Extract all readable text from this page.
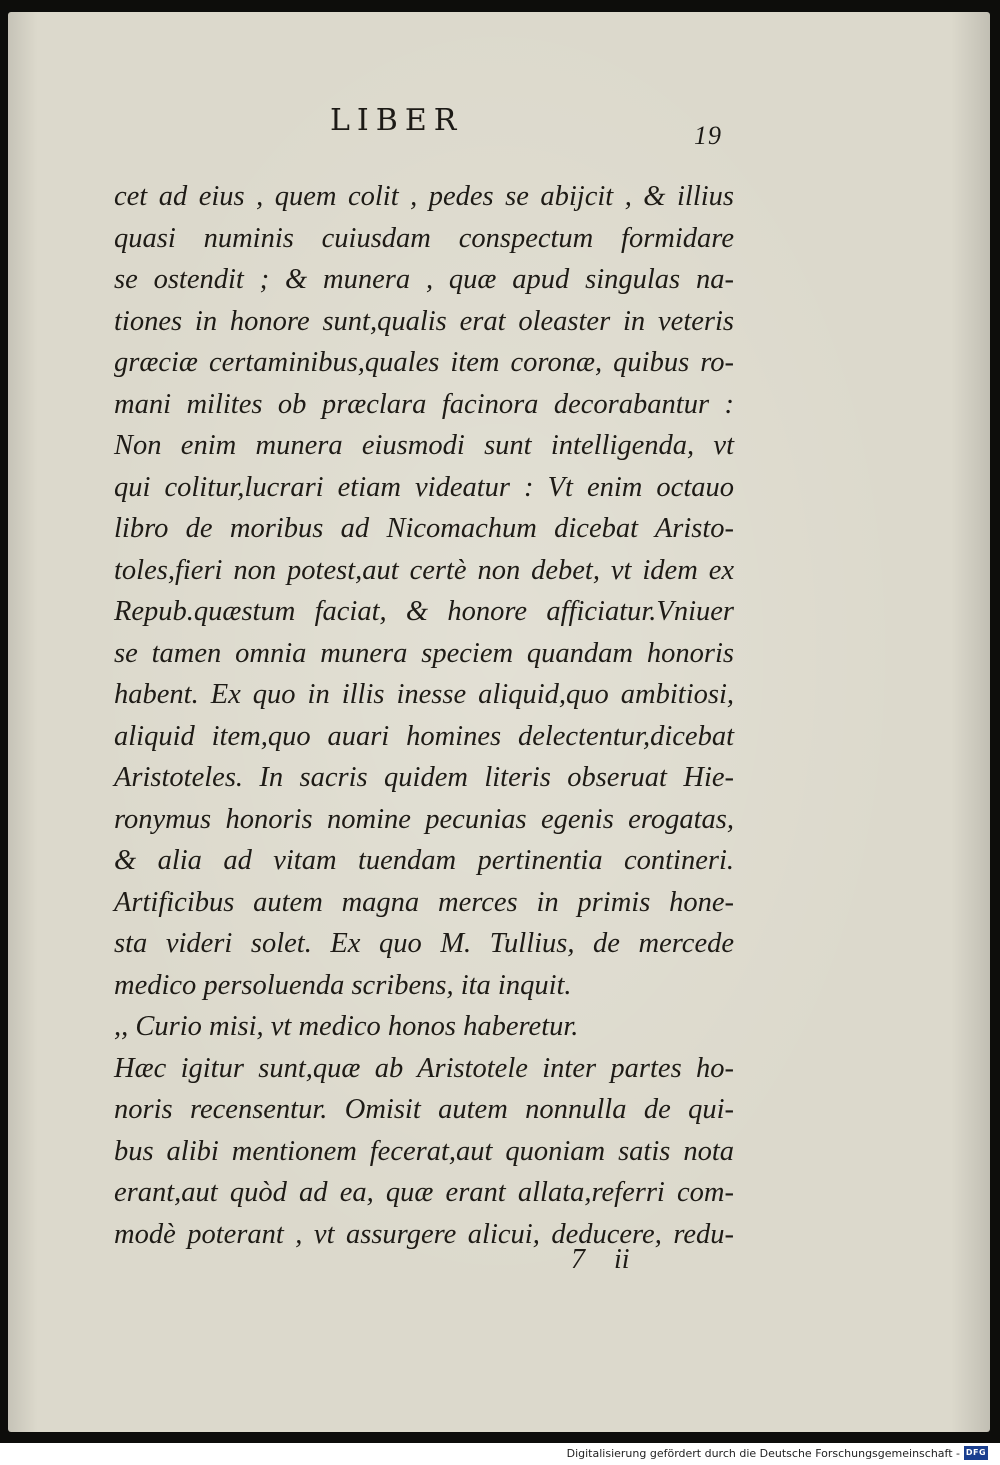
LIBER	19
cet ad eius , quem colit , pedes se abijcit , & illius
quasi numinis cuiusdam conspectum formidare
se ostendit ; & munera , quæ apud singulas na-
tiones in honore sunt,qualis erat oleaster in veteris
græciæ certaminibus,quales item coronæ, quibus ro-
mani milites ob præclara facinora decorabantur :
Non enim munera eiusmodi sunt intelligenda, vt
qui colitur,lucrari etiam videatur : Vt enim octauo
libro de moribus ad Nicomachum dicebat Aristo-
toles,fieri non potest,aut certè non debet, vt idem ex
Repub.quæstum faciat, & honore afficiatur.Vniuer
se tamen omnia munera speciem quandam honoris
habent. Ex quo in illis inesse aliquid,quo ambitiosi,
aliquid item,quo auari homines delectentur,dicebat
Aristoteles. In sacris quidem literis obseruat Hie-
ronymus honoris nomine pecunias egenis erogatas,
& alia ad vitam tuendam pertinentia contineri.
Artificibus autem magna merces in primis hone-
sta videri solet. Ex quo M. Tullius, de mercede
medico persoluenda scribens, ita inquit.
,, Curio misi, vt medico honos haberetur.
Hæc igitur sunt,quæ ab Aristotele inter partes ho-
noris recensentur. Omisit autem nonnulla de qui-
bus alibi mentionem fecerat,aut quoniam satis nota
erant,aut quòd ad ea, quæ erant allata,referri com-
modè poterant , vt assurgere alicui, deducere, redu-
7 ii
Digitalisierung gefördert durch die Deutsche Forschungsgemeinschaft - DFG
